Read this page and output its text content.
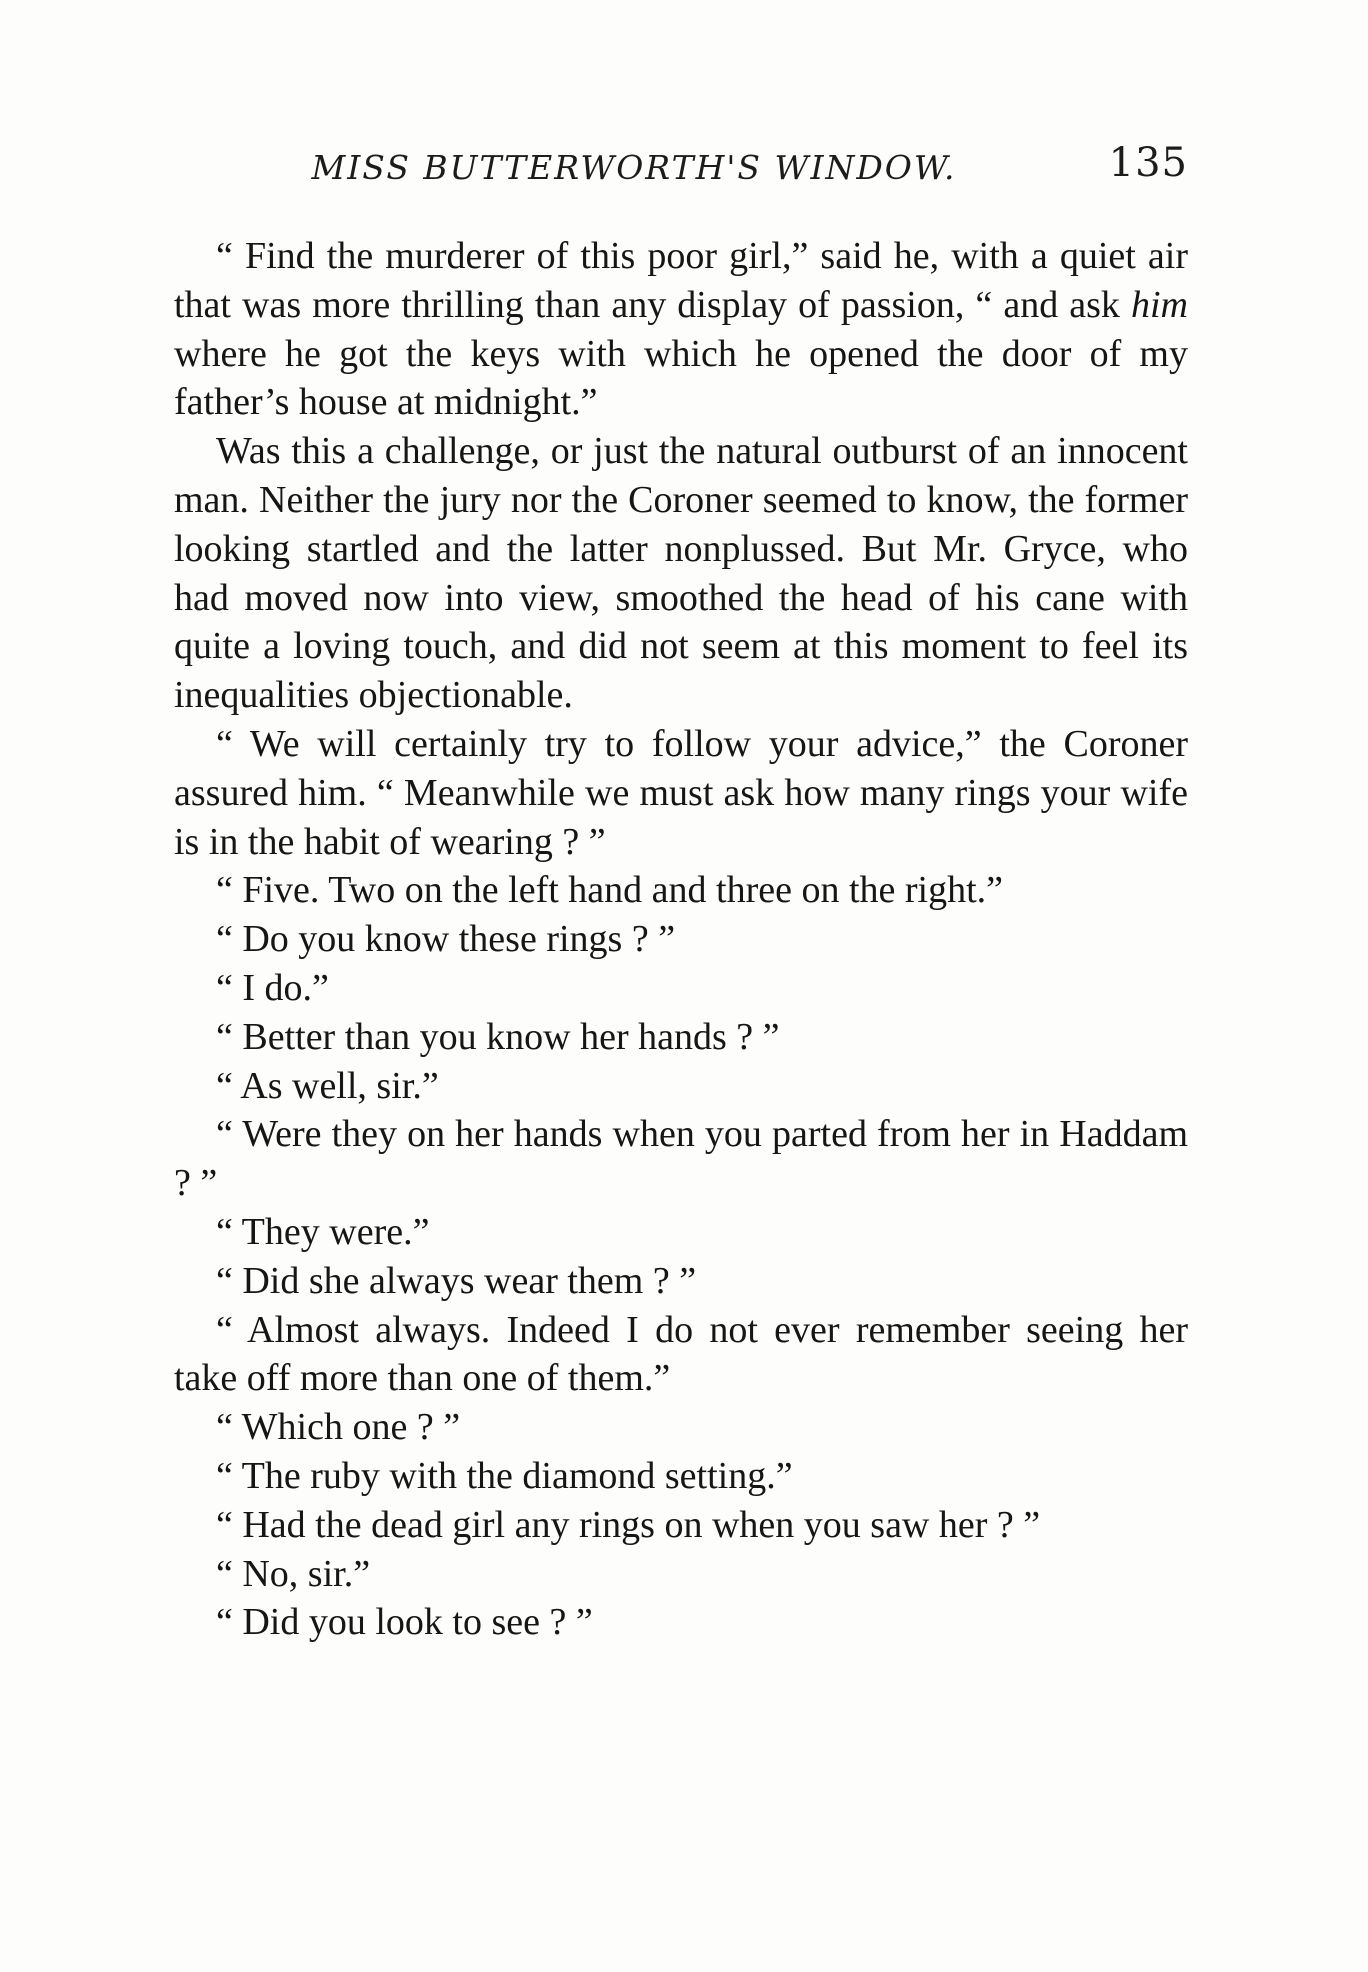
MISS BUTTERWORTH'S WINDOW.	135

“ Find the murderer of this poor girl,” said he, with a quiet air that was more thrilling than any display of passion, “ and ask him where he got the keys with which he opened the door of my father’s house at midnight.”

Was this a challenge, or just the natural outburst of an innocent man. Neither the jury nor the Coroner seemed to know, the former looking startled and the latter nonplussed. But Mr. Gryce, who had moved now into view, smoothed the head of his cane with quite a loving touch, and did not seem at this moment to feel its inequalities objectionable.

“ We will certainly try to follow your advice,” the Coroner assured him. “ Meanwhile we must ask how many rings your wife is in the habit of wearing ? ”

“ Five. Two on the left hand and three on the right.”

“ Do you know these rings ? ”

“ I do.”

“ Better than you know her hands ? ”

“ As well, sir.”

“ Were they on her hands when you parted from her in Haddam ? ”

“ They were.”

“ Did she always wear them ? ”

“ Almost always. Indeed I do not ever remember seeing her take off more than one of them.”

“ Which one ? ”

“ The ruby with the diamond setting.”

“ Had the dead girl any rings on when you saw her ? ”

“ No, sir.”

“ Did you look to see ? ”
